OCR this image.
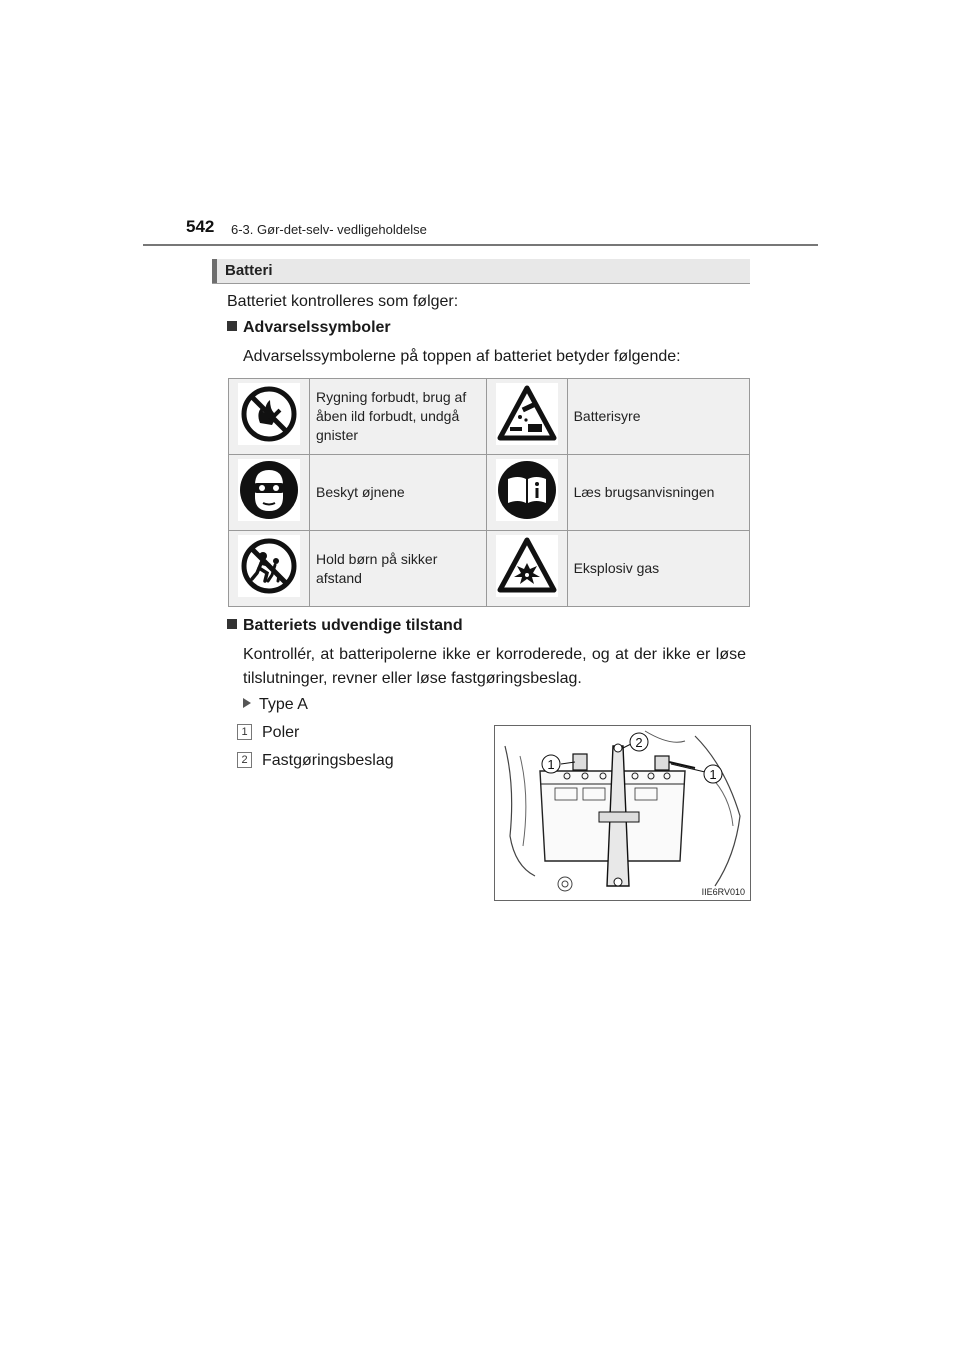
542 6-3. Gør-det-selv- vedligeholdelse
Batteri
Batteriet kontrolleres som følger:
Advarselssymboler
Advarselssymbolerne på toppen af batteriet betyder følgende:
	Rygning forbudt, brug af åben ild forbudt, undgå gnister		Batterisyre

	Beskyt øjnene		Læs brugsanvisningen

	Hold børn på sikker afstand		Eksplosiv gas
Batteriets udvendige tilstand
Kontrollér, at batteripolerne ikke er korroderede, og at der ikke er løse tilslutninger, revner eller løse fastgøringsbeslag.
Type A
1 Poler
2 Fastgøringsbeslag	1
2
1
IIE6RV010
